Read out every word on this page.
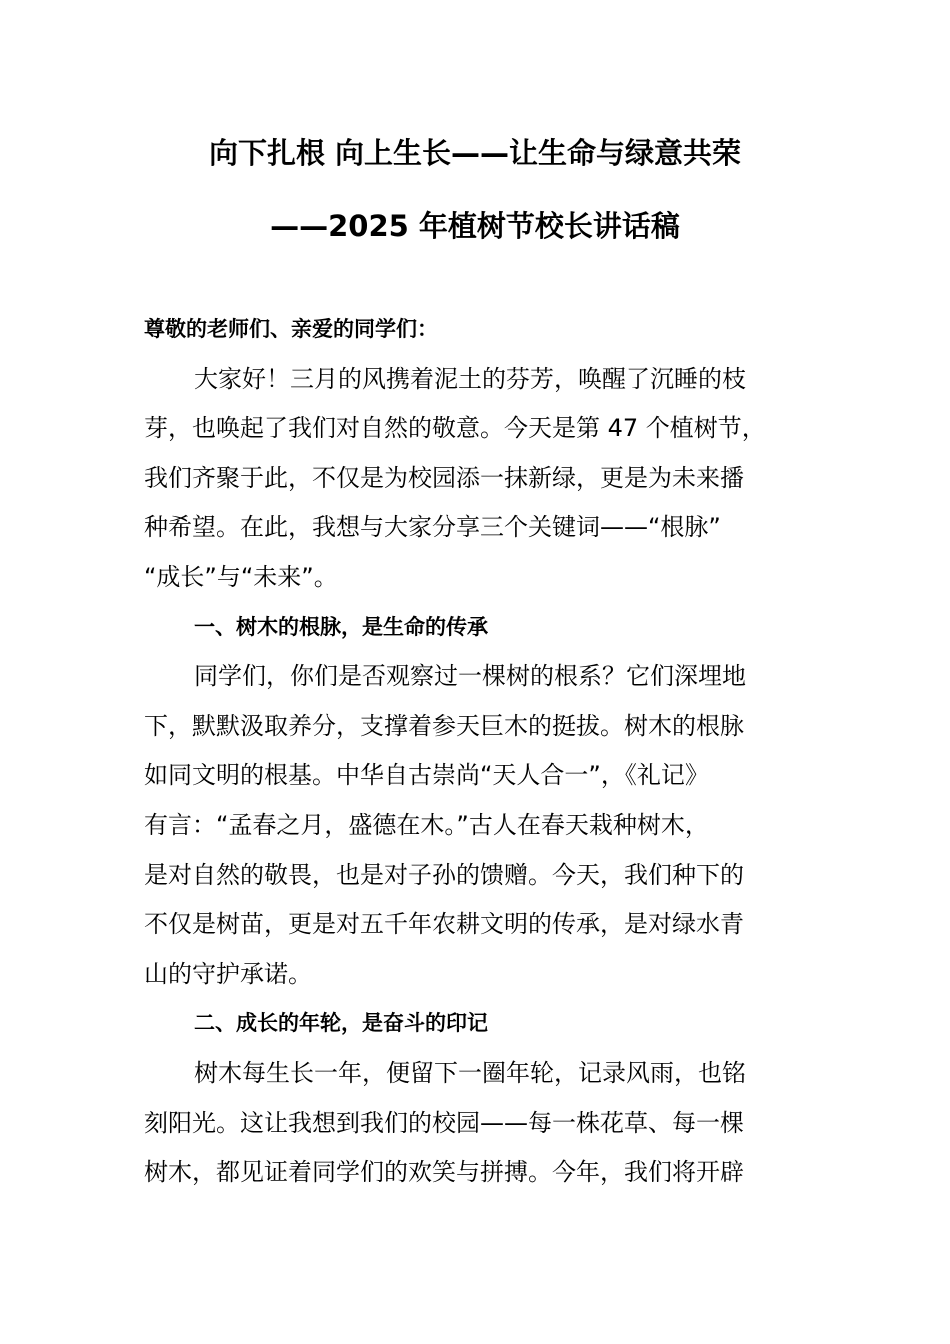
向下扎根 向上生长——让生命与绿意共荣
——2025 年植树节校长讲话稿
尊敬的老师们、亲爱的同学们：
大家好！三月的风携着泥土的芬芳，唤醒了沉睡的枝
芽，也唤起了我们对自然的敬意。今天是第 47 个植树节，
我们齐聚于此，不仅是为校园添一抹新绿，更是为未来播
种希望。在此，我想与大家分享三个关键词——“根脉”
“成长”与“未来”。
一、树木的根脉，是生命的传承
同学们，你们是否观察过一棵树的根系？它们深埋地
下，默默汲取养分，支撑着参天巨木的挺拔。树木的根脉
如同文明的根基。中华自古崇尚“天人合一”，《礼记》
有言：“孟春之月，盛德在木。”古人在春天栽种树木，
是对自然的敬畏，也是对子孙的馈赠。今天，我们种下的
不仅是树苗，更是对五千年农耕文明的传承，是对绿水青
山的守护承诺。
二、成长的年轮，是奋斗的印记
树木每生长一年，便留下一圈年轮，记录风雨，也铭
刻阳光。这让我想到我们的校园——每一株花草、每一棵
树木，都见证着同学们的欢笑与拼搏。今年，我们将开辟
